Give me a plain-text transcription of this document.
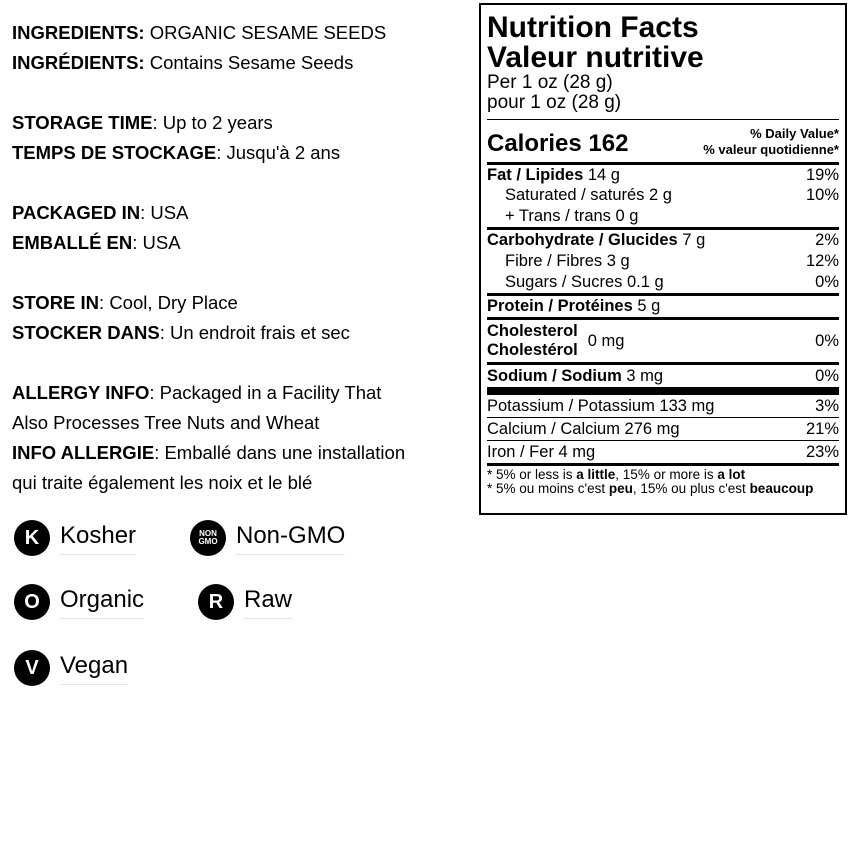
INGREDIENTS: ORGANIC SESAME SEEDS

INGRÉDIENTS: Contains Sesame Seeds

STORAGE TIME: Up to 2 years

TEMPS DE STOCKAGE: Jusqu'à 2 ans

PACKAGED IN: USA

EMBALLÉ EN: USA

STORE IN: Cool, Dry Place

STOCKER DANS: Un endroit frais et sec

ALLERGY INFO: Packaged in a Facility That

Also Processes Tree Nuts and Wheat

INFO ALLERGIE: Emballé dans une installation

qui traite également les noix et le blé

K Kosher	NON
GMO Non-GMO
O Organic	R Raw
V Vegan
Nutrition Facts
Valeur nutritive
Per 1 oz (28 g)
pour 1 oz (28 g)
Calories 162	% Daily Value*
% valeur quotidienne*
Fat / Lipides 14 g	19%
Saturated / saturés 2 g	10%
+ Trans / trans 0 g
Carbohydrate / Glucides 7 g	2%
Fibre / Fibres 3 g	12%
Sugars / Sucres 0.1 g	0%
Protein / Protéines 5 g
Cholesterol
Cholestérol
0 mg	0%
Sodium / Sodium 3 mg	0%
Potassium / Potassium 133 mg	3%
Calcium / Calcium 276 mg	21%
Iron / Fer 4 mg	23%
* 5% or less is a little, 15% or more is a lot
* 5% ou moins c'est peu, 15% ou plus c'est beaucoup
